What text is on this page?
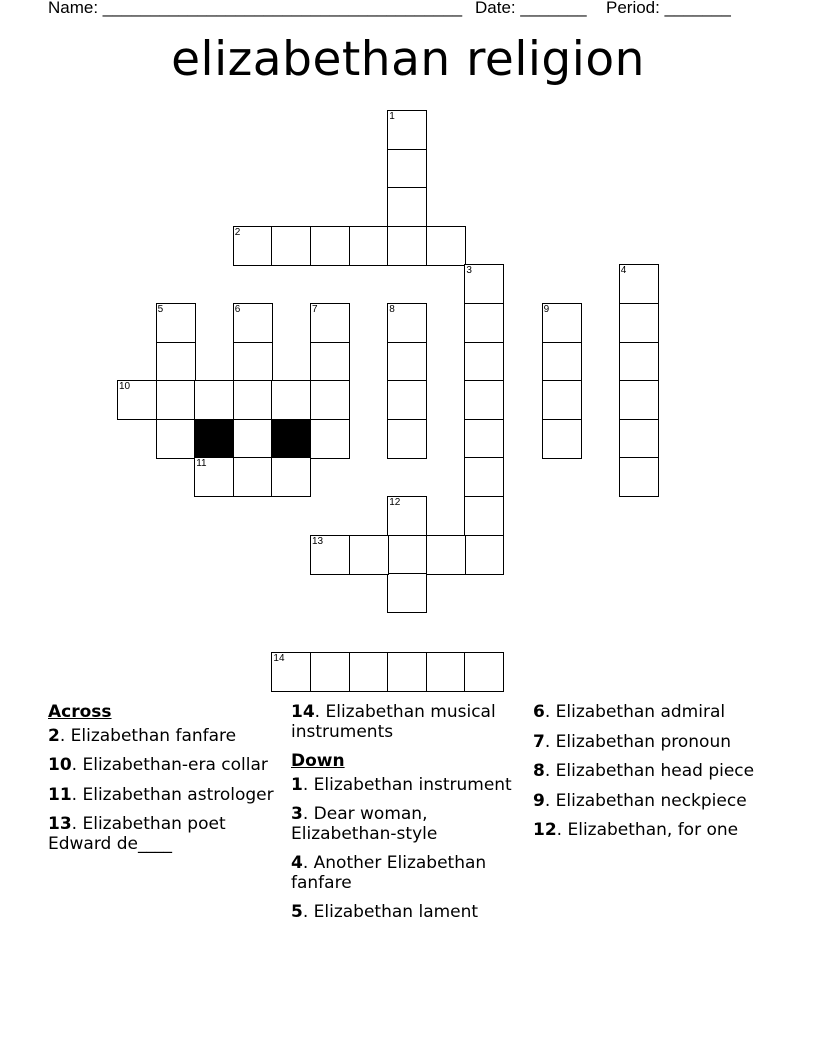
Name: ______________________________________ Date: _______ Period: _______
elizabethan religion
1
2
3	4
5	6	7	8	9
10
11
12
13
14
Across
2. Elizabethan fanfare
10. Elizabethan-era collar
11. Elizabethan astrologer
13. Elizabethan poet Edward de____
14. Elizabethan musical instruments
Down
1. Elizabethan instrument
3. Dear woman, Elizabethan-style
4. Another Elizabethan fanfare
5. Elizabethan lament
6. Elizabethan admiral
7. Elizabethan pronoun
8. Elizabethan head piece
9. Elizabethan neckpiece
12. Elizabethan, for one
